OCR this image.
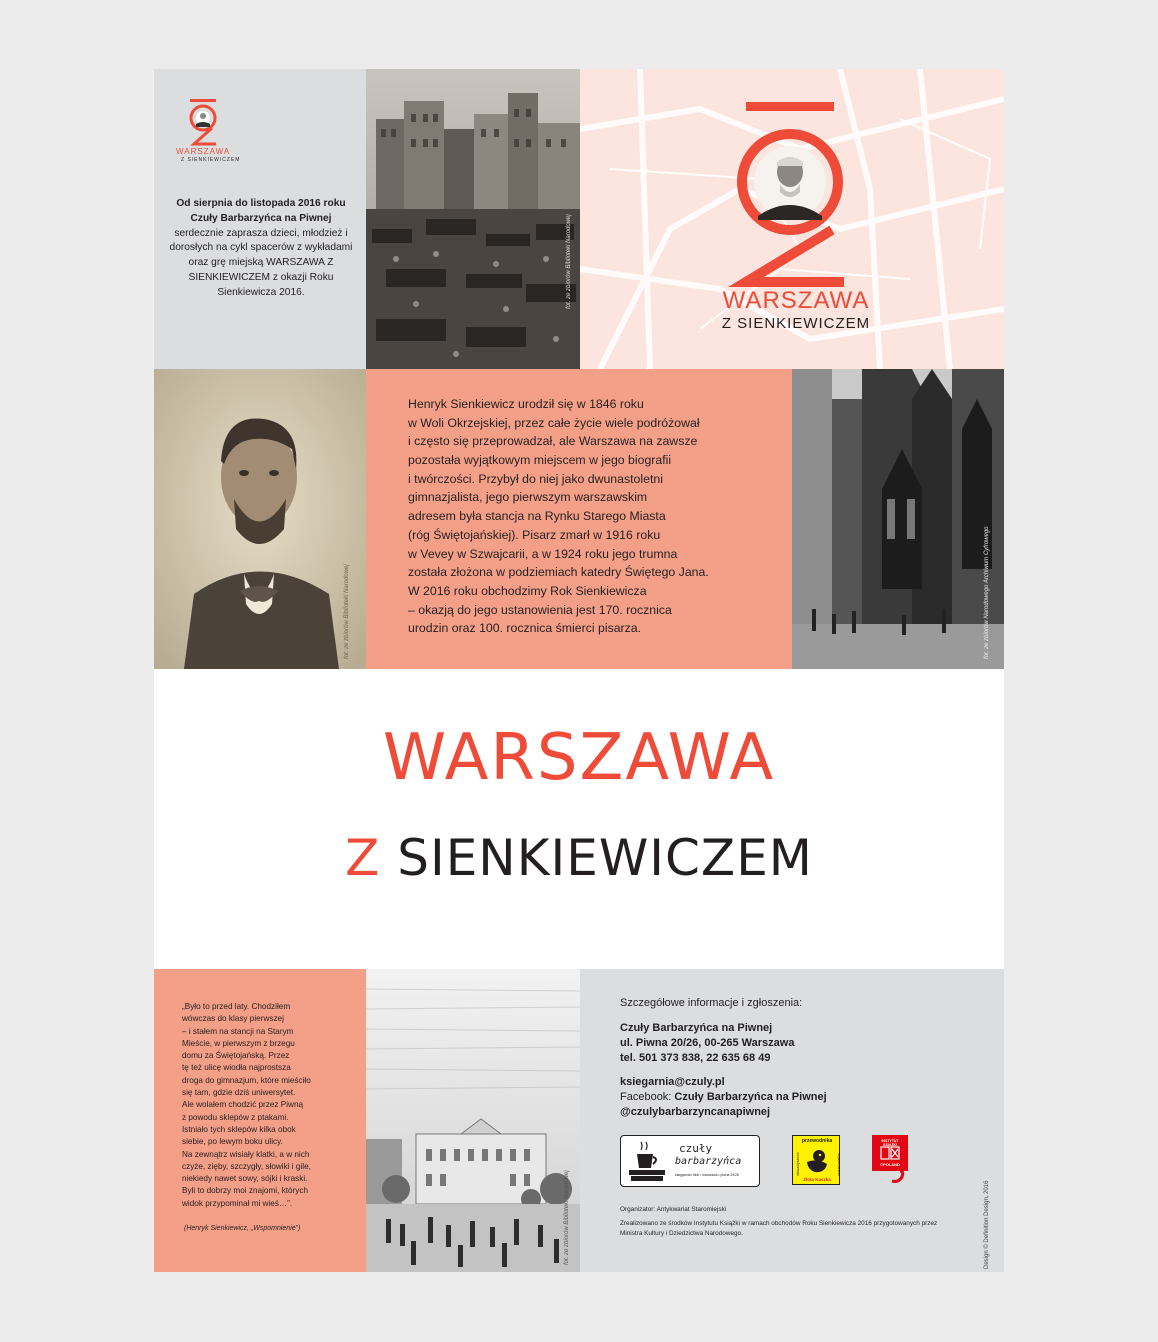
WARSZAWA
Z SIENKIEWICZEM
Od sierpnia do listopada 2016 roku Czuły Barbarzyńca na Piwnej serdecznie zaprasza dzieci, młodzież i dorosłych na cykl spacerów z wykładami oraz grę miejską WARSZAWA Z SIENKIEWICZEM z okazji Roku Sienkiewicza 2016.	fot. ze zbiorów Biblioteki Narodowej	WARSZAWA
Z SIENKIEWICZEM
fot. ze zbiorów Biblioteki Narodowej
Henryk Sienkiewicz urodził się w 1846 roku
w Woli Okrzejskiej, przez całe życie wiele podróżował
i często się przeprowadzał, ale Warszawa na zawsze
pozostała wyjątkowym miejscem w jego biografii
i twórczości. Przybył do niej jako dwunastoletni
gimnazjalista, jego pierwszym warszawskim
adresem była stancja na Rynku Starego Miasta
(róg Świętojańskiej). Pisarz zmarł w 1916 roku
w Vevey w Szwajcarii, a w 1924 roku jego trumna
została złożona w podziemiach katedry Świętego Jana.
W 2016 roku obchodzimy Rok Sienkiewicza
– okazją do jego ustanowienia jest 170. rocznica
urodzin oraz 100. rocznica śmierci pisarza.	fot. ze zbiorów Narodowego Archiwum Cyfrowego
WARSZAWA
Z SIENKIEWICZEM
„Było to przed laty. Chodziłem
wówczas do klasy pierwszej
– i stałem na stancji na Starym
Mieście, w pierwszym z brzegu
domu za Świętojańską. Przez
tę też ulicę wiodła najprostsza
droga do gimnazjum, które mieściło
się tam, gdzie dziś uniwersytet.
Ale wolałem chodzić przez Piwną
z powodu sklepów z ptakami.
Istniało tych sklepów kilka obok
siebie, po lewym boku ulicy.
Na zewnątrz wisiały klatki, a w nich
czyże, zięby, szczygły, słowiki i gile,
niekiedy nawet sowy, sójki i kraski.
Byli to dobrzy moi znajomi, których
widok przypominał mi wieś…”.
(Henryk Sienkiewicz, „Wspomnienie”)	fot. ze zbiorów Biblioteki Narodowej
Szczegółowe informacje i zgłoszenia:
Czuły Barbarzyńca na Piwnej
ul. Piwna 20/26, 00-265 Warszawa
tel. 501 373 838, 22 635 68 49
ksiegarnia@czuly.pl
Facebook: Czuły Barbarzyńca na Piwnej
@czulybarbarzyncanapiwnej
czuły
barbarzyńca
księgarnia i klub • warszawa • piwna 20/26
przewodnika
Złota Kaczka
stowarzyszenie	varsavianistów
INSTYTUT KSIĄŻKI
©POLAND
Organizator: Antykwariat Staromiejski
Zrealizowano ze środków Instytutu Książki w ramach obchodów Roku Sienkiewicza 2016 przygotowanych przez Ministra Kultury i Dziedzictwa Narodowego.	Design © Definition Design, 2016
